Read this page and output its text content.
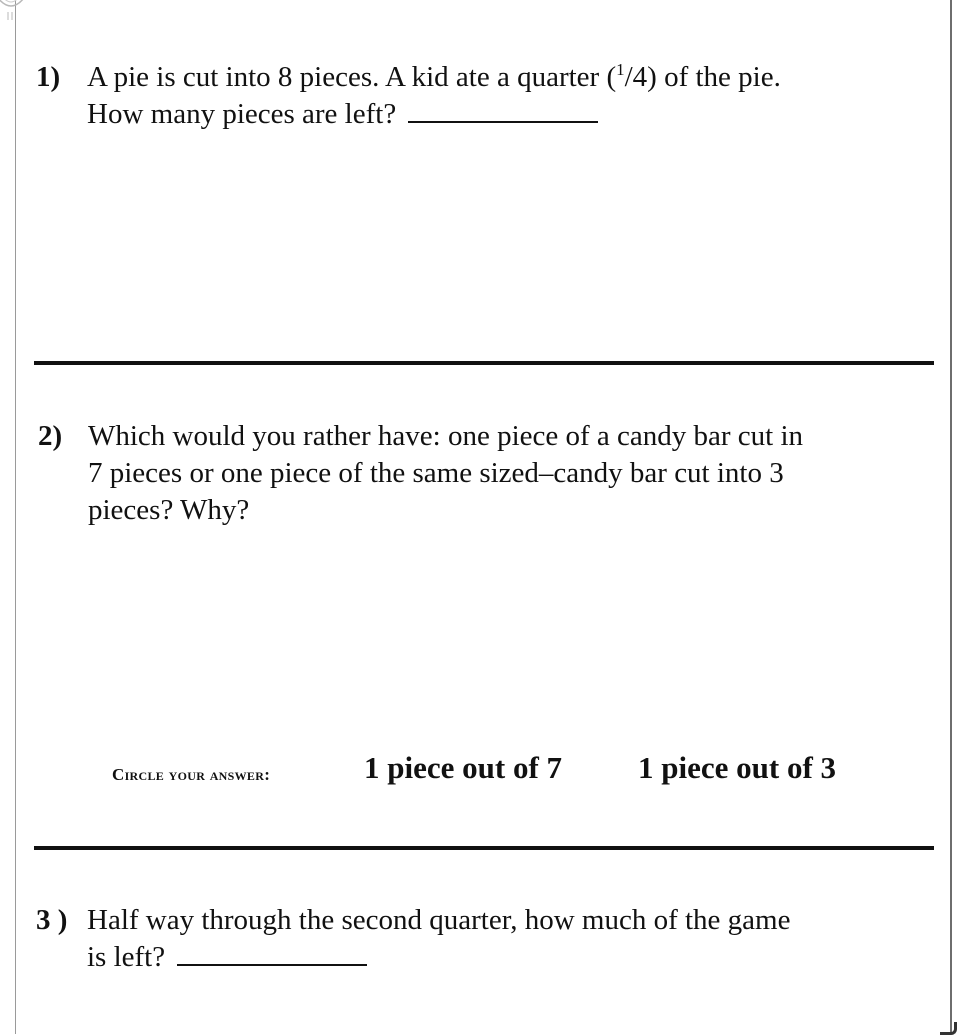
1) A pie is cut into 8 pieces. A kid ate a quarter ($^1$/4) of the pie.
How many pieces are left?
2) Which would you rather have: one piece of a candy bar cut in
7 pieces or one piece of the same sized–candy bar cut into 3
pieces? Why?
Circle your answer:	1 piece out of 7 1 piece out of 3
3 ) Half way through the second quarter, how much of the game
is left?
